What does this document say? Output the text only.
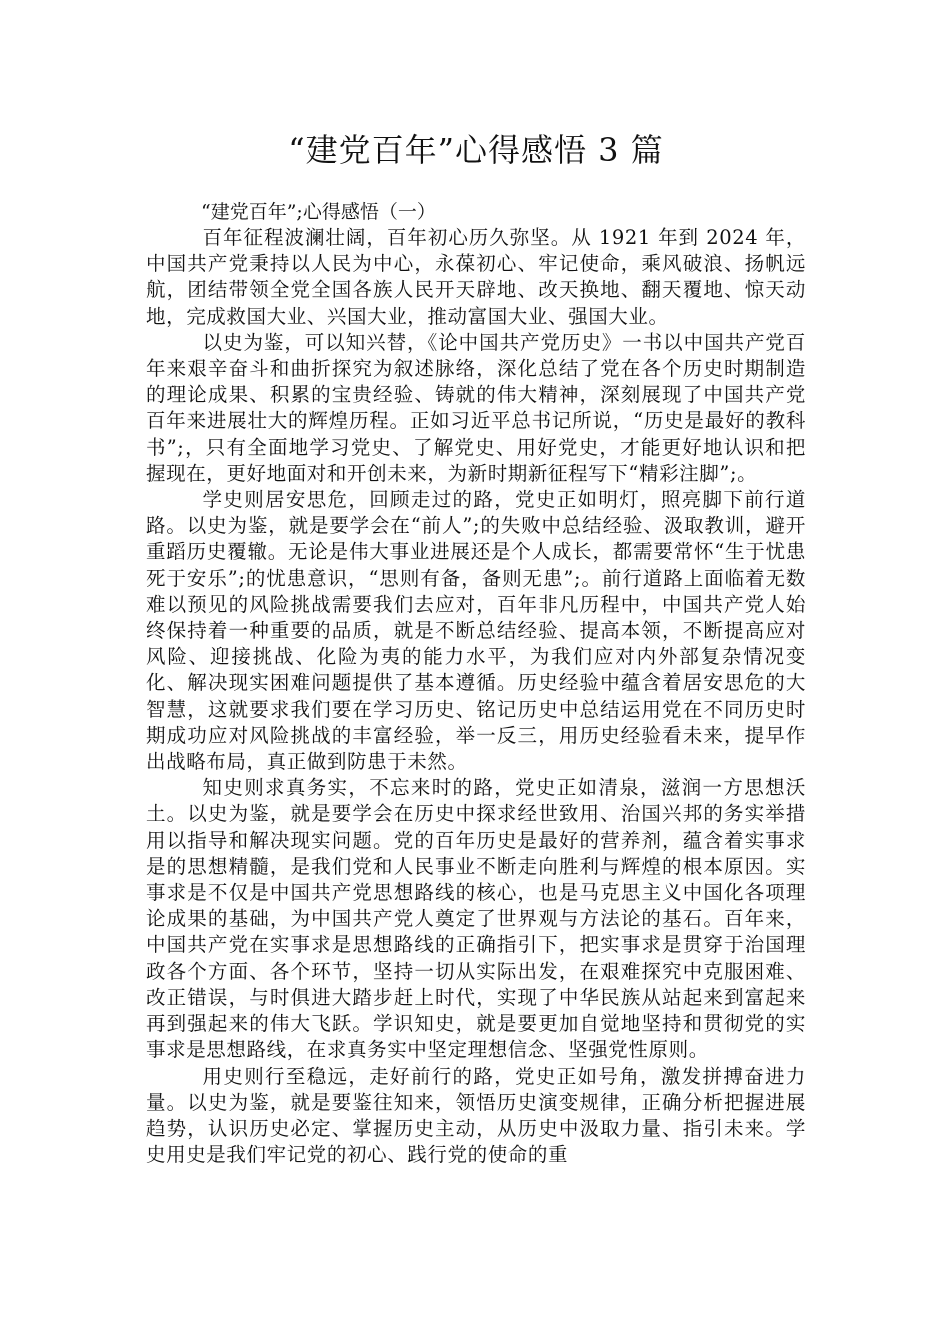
“建党百年”心得感悟 3 篇
“建党百年”;心得感悟（一）

百年征程波澜壮阔，百年初心历久弥坚。从 1921 年到 2024 年，中国共产党秉持以人民为中心，永葆初心、牢记使命，乘风破浪、扬帆远航，团结带领全党全国各族人民开天辟地、改天换地、翻天覆地、惊天动地，完成救国大业、兴国大业，推动富国大业、强国大业。

以史为鉴，可以知兴替，《论中国共产党历史》一书以中国共产党百年来艰辛奋斗和曲折探究为叙述脉络，深化总结了党在各个历史时期制造的理论成果、积累的宝贵经验、铸就的伟大精神，深刻展现了中国共产党百年来进展壮大的辉煌历程。正如习近平总书记所说，“历史是最好的教科书”;，只有全面地学习党史、了解党史、用好党史，才能更好地认识和把握现在，更好地面对和开创未来，为新时期新征程写下“精彩注脚”;。

学史则居安思危，回顾走过的路，党史正如明灯，照亮脚下前行道路。以史为鉴，就是要学会在“前人”;的失败中总结经验、汲取教训，避开重蹈历史覆辙。无论是伟大事业进展还是个人成长，都需要常怀“生于忧患死于安乐”;的忧患意识，“思则有备，备则无患”;。前行道路上面临着无数难以预见的风险挑战需要我们去应对，百年非凡历程中，中国共产党人始终保持着一种重要的品质，就是不断总结经验、提高本领，不断提高应对风险、迎接挑战、化险为夷的能力水平，为我们应对内外部复杂情况变化、解决现实困难问题提供了基本遵循。历史经验中蕴含着居安思危的大智慧，这就要求我们要在学习历史、铭记历史中总结运用党在不同历史时期成功应对风险挑战的丰富经验，举一反三，用历史经验看未来，提早作出战略布局，真正做到防患于未然。

知史则求真务实，不忘来时的路，党史正如清泉，滋润一方思想沃土。以史为鉴，就是要学会在历史中探求经世致用、治国兴邦的务实举措用以指导和解决现实问题。党的百年历史是最好的营养剂，蕴含着实事求是的思想精髓，是我们党和人民事业不断走向胜利与辉煌的根本原因。实事求是不仅是中国共产党思想路线的核心，也是马克思主义中国化各项理论成果的基础，为中国共产党人奠定了世界观与方法论的基石。百年来，中国共产党在实事求是思想路线的正确指引下，把实事求是贯穿于治国理政各个方面、各个环节，坚持一切从实际出发，在艰难探究中克服困难、改正错误，与时俱进大踏步赶上时代，实现了中华民族从站起来到富起来再到强起来的伟大飞跃。学识知史，就是要更加自觉地坚持和贯彻党的实事求是思想路线，在求真务实中坚定理想信念、坚强党性原则。

用史则行至稳远，走好前行的路，党史正如号角，激发拼搏奋进力量。以史为鉴，就是要鉴往知来，领悟历史演变规律，正确分析把握进展趋势，认识历史必定、掌握历史主动，从历史中汲取力量、指引未来。学史用史是我们牢记党的初心、践行党的使命的重
